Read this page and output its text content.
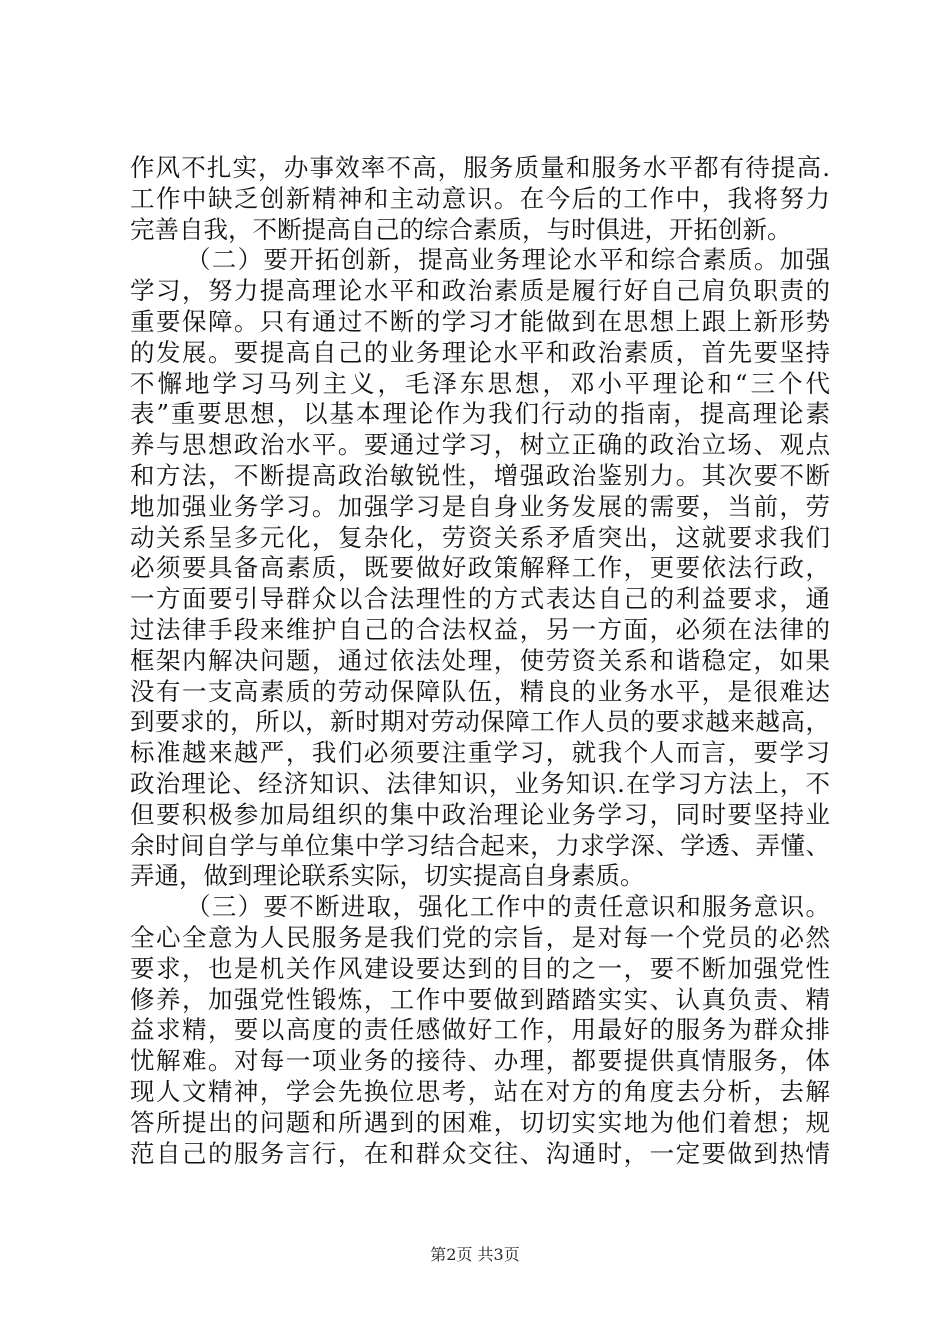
作风不扎实，办事效率不高，服务质量和服务水平都有待提高.
工作中缺乏创新精神和主动意识。在今后的工作中，我将努力
完善自我，不断提高自己的综合素质，与时俱进，开拓创新。
（二）要开拓创新，提高业务理论水平和综合素质。加强
学习，努力提高理论水平和政治素质是履行好自己肩负职责的
重要保障。只有通过不断的学习才能做到在思想上跟上新形势
的发展。要提高自己的业务理论水平和政治素质，首先要坚持
不懈地学习马列主义，毛泽东思想，邓小平理论和“三个代
表”重要思想，以基本理论作为我们行动的指南，提高理论素
养与思想政治水平。要通过学习，树立正确的政治立场、观点
和方法，不断提高政治敏锐性，增强政治鉴别力。其次要不断
地加强业务学习。加强学习是自身业务发展的需要，当前，劳
动关系呈多元化，复杂化，劳资关系矛盾突出，这就要求我们
必须要具备高素质，既要做好政策解释工作，更要依法行政，
一方面要引导群众以合法理性的方式表达自己的利益要求，通
过法律手段来维护自己的合法权益，另一方面，必须在法律的
框架内解决问题，通过依法处理，使劳资关系和谐稳定，如果
没有一支高素质的劳动保障队伍，精良的业务水平，是很难达
到要求的，所以，新时期对劳动保障工作人员的要求越来越高，
标准越来越严，我们必须要注重学习，就我个人而言，要学习
政治理论、经济知识、法律知识，业务知识.在学习方法上，不
但要积极参加局组织的集中政治理论业务学习，同时要坚持业
余时间自学与单位集中学习结合起来，力求学深、学透、弄懂、
弄通，做到理论联系实际，切实提高自身素质。
（三）要不断进取，强化工作中的责任意识和服务意识。
全心全意为人民服务是我们党的宗旨，是对每一个党员的必然
要求，也是机关作风建设要达到的目的之一，要不断加强党性
修养，加强党性锻炼，工作中要做到踏踏实实、认真负责、精
益求精，要以高度的责任感做好工作，用最好的服务为群众排
忧解难。对每一项业务的接待、办理，都要提供真情服务，体
现人文精神，学会先换位思考，站在对方的角度去分析，去解
答所提出的问题和所遇到的困难，切切实实地为他们着想；规
范自己的服务言行，在和群众交往、沟通时，一定要做到热情
第2页 共3页
